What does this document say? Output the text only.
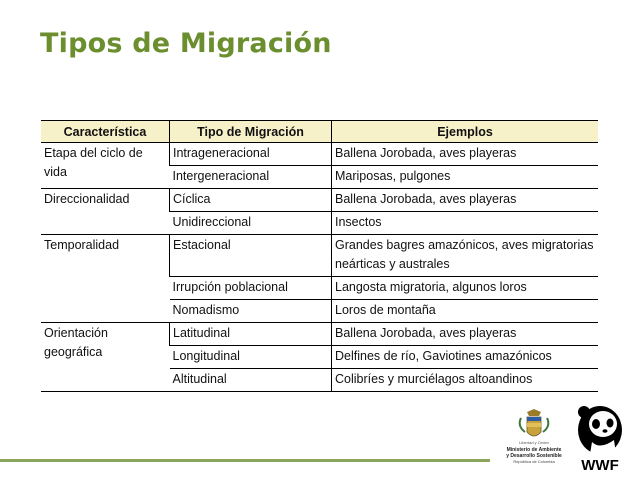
Tipos de Migración
Característica	Tipo de Migración	Ejemplos
Etapa del ciclo de vida	Intrageneracional	Ballena Jorobada, aves playeras
	Intergeneracional	Mariposas, pulgones
Direccionalidad	Cíclica	Ballena Jorobada, aves playeras
	Unidireccional	Insectos
Temporalidad	Estacional	Grandes bagres amazónicos, aves migratorias neárticas y australes
	Irrupción poblacional	Langosta migratoria, algunos loros
	Nomadismo	Loros de montaña
Orientación geográfica	Latitudinal	Ballena Jorobada, aves playeras
	Longitudinal	Delfines de río, Gaviotines amazónicos
	Altitudinal	Colibríes y murciélagos altoandinos
Libertad y Orden
Ministerio de Ambiente
y Desarrollo Sostenible
República de Colombia WWF
